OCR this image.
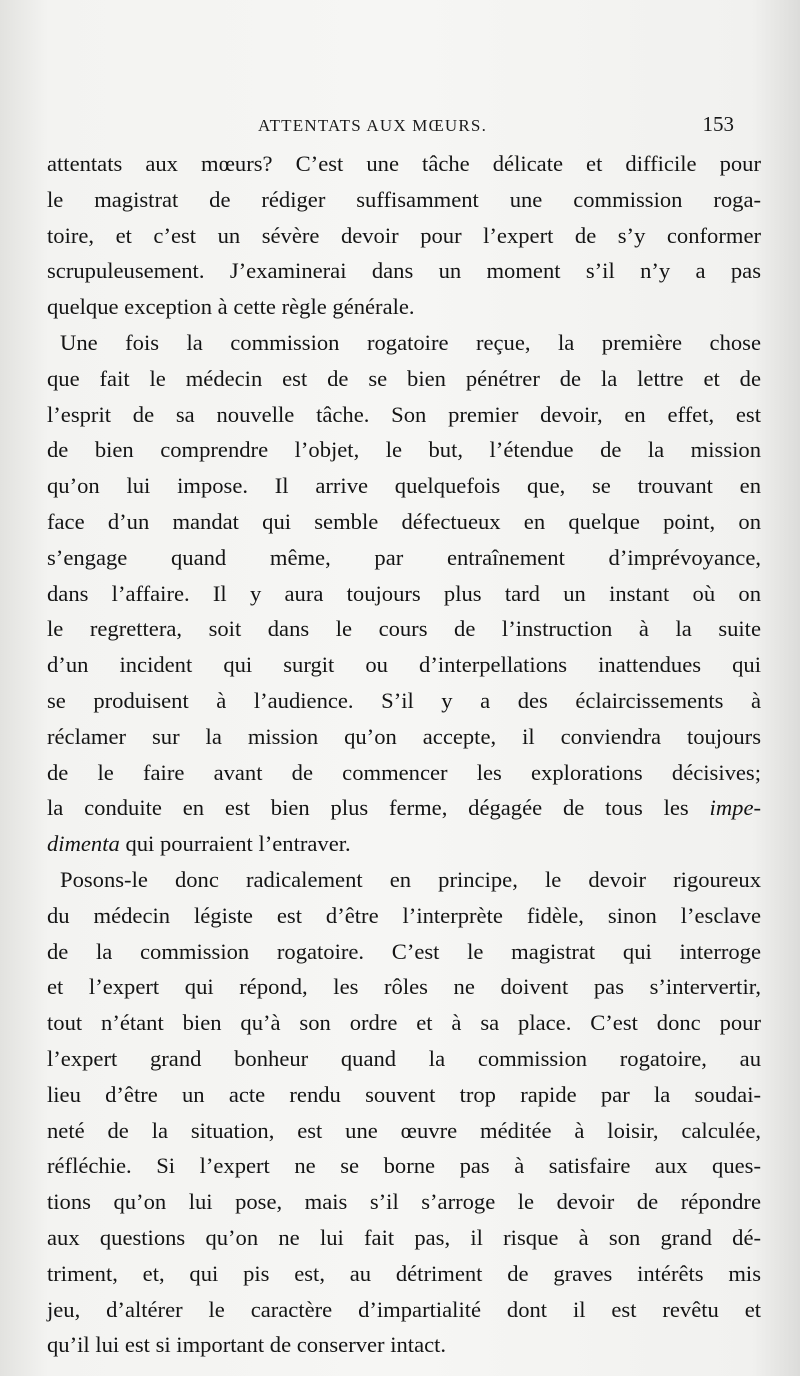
ATTENTATS AUX MŒURS.	153
attentats aux mœurs? C’est une tâche délicate et difficile pour
le magistrat de rédiger suffisamment une commission roga-
toire, et c’est un sévère devoir pour l’expert de s’y conformer
scrupuleusement. J’examinerai dans un moment s’il n’y a pas
quelque exception à cette règle générale.
Une fois la commission rogatoire reçue, la première chose
que fait le médecin est de se bien pénétrer de la lettre et de
l’esprit de sa nouvelle tâche. Son premier devoir, en effet, est
de bien comprendre l’objet, le but, l’étendue de la mission
qu’on lui impose. Il arrive quelquefois que, se trouvant en
face d’un mandat qui semble défectueux en quelque point, on
s’engage quand même, par entraînement d’imprévoyance,
dans l’affaire. Il y aura toujours plus tard un instant où on
le regrettera, soit dans le cours de l’instruction à la suite
d’un incident qui surgit ou d’interpellations inattendues qui
se produisent à l’audience. S’il y a des éclaircissements à
réclamer sur la mission qu’on accepte, il conviendra toujours
de le faire avant de commencer les explorations décisives;
la conduite en est bien plus ferme, dégagée de tous les impe-
dimenta qui pourraient l’entraver.
Posons-le donc radicalement en principe, le devoir rigoureux
du médecin légiste est d’être l’interprète fidèle, sinon l’esclave
de la commission rogatoire. C’est le magistrat qui interroge
et l’expert qui répond, les rôles ne doivent pas s’intervertir,
tout n’étant bien qu’à son ordre et à sa place. C’est donc pour
l’expert grand bonheur quand la commission rogatoire, au
lieu d’être un acte rendu souvent trop rapide par la soudai-
neté de la situation, est une œuvre méditée à loisir, calculée,
réfléchie. Si l’expert ne se borne pas à satisfaire aux ques-
tions qu’on lui pose, mais s’il s’arroge le devoir de répondre
aux questions qu’on ne lui fait pas, il risque à son grand dé-
triment, et, qui pis est, au détriment de graves intérêts mis
jeu, d’altérer le caractère d’impartialité dont il est revêtu et
qu’il lui est si important de conserver intact.
